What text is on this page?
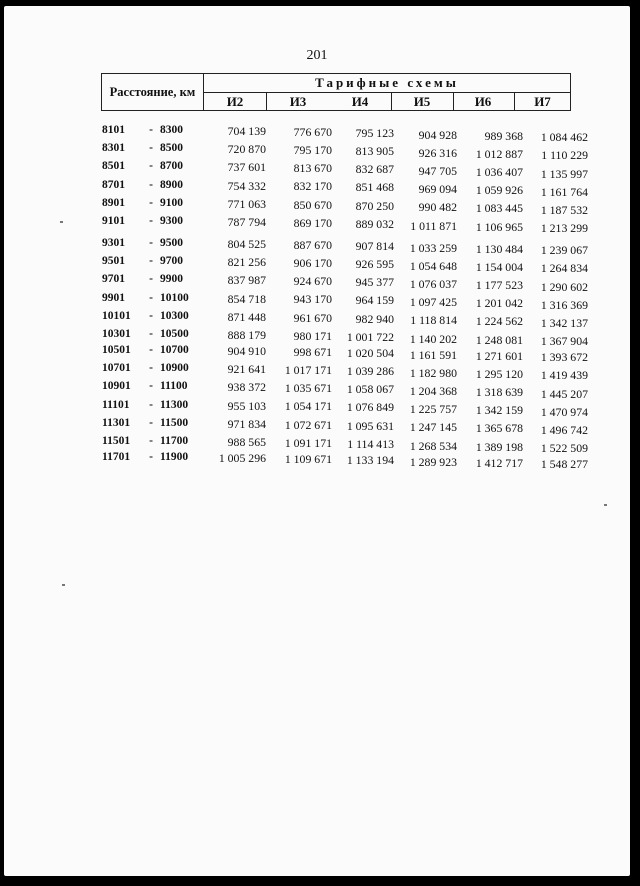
201
Расстояние, км
Тарифные схемы
И2	И3	И4	И5	И6	И7
8101	- 8300	704 139	776 670	795 123	904 928	989 368	1 084 462
8301	- 8500	720 870	795 170	813 905	926 316	1 012 887	1 110 229
8501	- 8700	737 601	813 670	832 687	947 705	1 036 407	1 135 997
8701	- 8900	754 332	832 170	851 468	969 094	1 059 926	1 161 764
8901	- 9100	771 063	850 670	870 250	990 482	1 083 445	1 187 532
9101	- 9300	787 794	869 170	889 032	1 011 871	1 106 965	1 213 299
9301	- 9500	804 525	887 670	907 814	1 033 259	1 130 484	1 239 067
9501	- 9700	821 256	906 170	926 595	1 054 648	1 154 004	1 264 834
9701	- 9900	837 987	924 670	945 377	1 076 037	1 177 523	1 290 602
9901	- 10100	854 718	943 170	964 159	1 097 425	1 201 042	1 316 369
10101	- 10300	871 448	961 670	982 940	1 118 814	1 224 562	1 342 137
10301	- 10500	888 179	980 171	1 001 722	1 140 202	1 248 081	1 367 904
10501	- 10700	904 910	998 671	1 020 504	1 161 591	1 271 601	1 393 672
10701	- 10900	921 641	1 017 171	1 039 286	1 182 980	1 295 120	1 419 439
10901	- 11100	938 372	1 035 671	1 058 067	1 204 368	1 318 639	1 445 207
11101	- 11300	955 103	1 054 171	1 076 849	1 225 757	1 342 159	1 470 974
11301	- 11500	971 834	1 072 671	1 095 631	1 247 145	1 365 678	1 496 742
11501	- 11700	988 565	1 091 171	1 114 413	1 268 534	1 389 198	1 522 509
11701	- 11900	1 005 296	1 109 671	1 133 194	1 289 923	1 412 717	1 548 277
